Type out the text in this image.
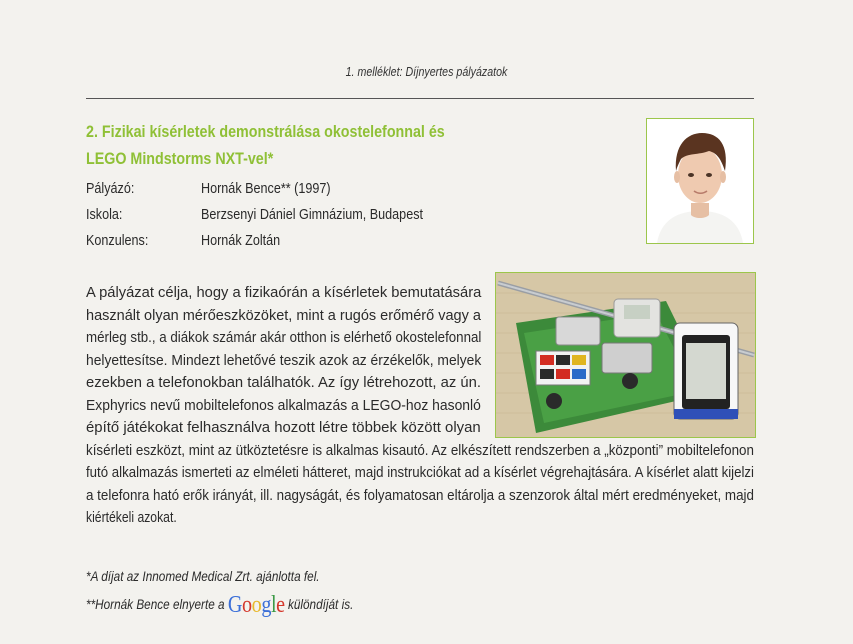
1. melléklet: Díjnyertes pályázatok
2. Fizikai kísérletek demonstrálása okostelefonnal és
LEGO Mindstorms NXT-vel*
Pályázó:	Hornák Bence** (1997)
Iskola:	Berzsenyi Dániel Gimnázium, Budapest
Konzulens:	Hornák Zoltán
A pályázat célja, hogy a fizikaórán a kísérletek bemutatására
használt olyan mérőeszközöket, mint a rugós erőmérő vagy a
mérleg stb., a diákok számár akár otthon is elérhető okostelefonnal
helyettesítse. Mindezt lehetővé teszik azok az érzékelők, melyek
ezekben a telefonokban találhatók. Az így létrehozott, az ún.
Exphyrics nevű mobiltelefonos alkalmazás a LEGO-hoz hasonló
építő játékokat felhasználva hozott létre többek között olyan
kísérleti eszközt, mint az ütköztetésre is alkalmas kisautó. Az elkészített rendszerben a „központi” mobiltelefonon
futó alkalmazás ismerteti az elméleti hátteret, majd instrukciókat ad a kísérlet végrehajtására. A kísérlet alatt kijelzi
a telefonra ható erők irányát, ill. nagyságát, és folyamatosan eltárolja a szenzorok által mért eredményeket, majd
kiértékeli azokat.
*A díjat az Innomed Medical Zrt. ajánlotta fel.
**Hornák Bence elnyerte a Google különdíját is.
